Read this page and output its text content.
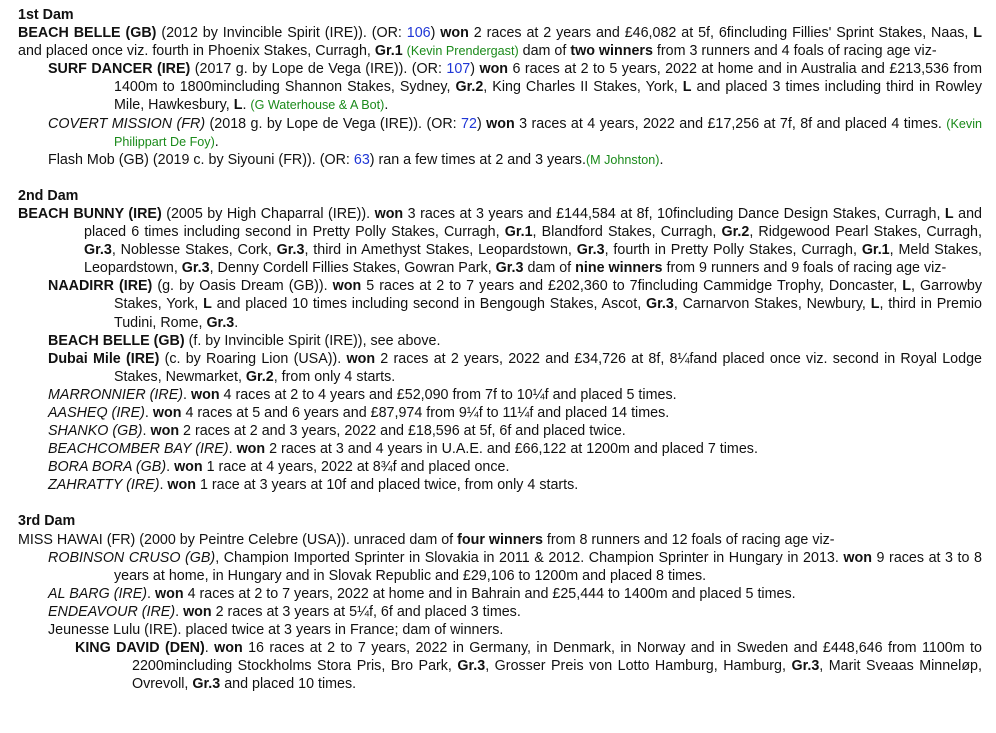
1st Dam
BEACH BELLE (GB) (2012 by Invincible Spirit (IRE)). (OR: 106) won 2 races at 2 years and £46,082 at 5f, 6fincluding Fillies' Sprint Stakes, Naas, L and placed once viz. fourth in Phoenix Stakes, Curragh, Gr.1 (Kevin Prendergast) dam of two winners from 3 runners and 4 foals of racing age viz-
SURF DANCER (IRE) (2017 g. by Lope de Vega (IRE)). (OR: 107) won 6 races at 2 to 5 years, 2022 at home and in Australia and £213,536 from 1400m to 1800mincluding Shannon Stakes, Sydney, Gr.2, King Charles II Stakes, York, L and placed 3 times including third in Rowley Mile, Hawkesbury, L. (G Waterhouse & A Bot).
COVERT MISSION (FR) (2018 g. by Lope de Vega (IRE)). (OR: 72) won 3 races at 4 years, 2022 and £17,256 at 7f, 8f and placed 4 times. (Kevin Philippart De Foy).
Flash Mob (GB) (2019 c. by Siyouni (FR)). (OR: 63) ran a few times at 2 and 3 years.(M Johnston).
2nd Dam
BEACH BUNNY (IRE) (2005 by High Chaparral (IRE)). won 3 races at 3 years and £144,584 at 8f, 10fincluding Dance Design Stakes, Curragh, L and placed 6 times including second in Pretty Polly Stakes, Curragh, Gr.1, Blandford Stakes, Curragh, Gr.2, Ridgewood Pearl Stakes, Curragh, Gr.3, Noblesse Stakes, Cork, Gr.3, third in Amethyst Stakes, Leopardstown, Gr.3, fourth in Pretty Polly Stakes, Curragh, Gr.1, Meld Stakes, Leopardstown, Gr.3, Denny Cordell Fillies Stakes, Gowran Park, Gr.3 dam of nine winners from 9 runners and 9 foals of racing age viz-
NAADIRR (IRE) (g. by Oasis Dream (GB)). won 5 races at 2 to 7 years and £202,360 to 7fincluding Cammidge Trophy, Doncaster, L, Garrowby Stakes, York, L and placed 10 times including second in Bengough Stakes, Ascot, Gr.3, Carnarvon Stakes, Newbury, L, third in Premio Tudini, Rome, Gr.3.
BEACH BELLE (GB) (f. by Invincible Spirit (IRE)), see above.
Dubai Mile (IRE) (c. by Roaring Lion (USA)). won 2 races at 2 years, 2022 and £34,726 at 8f, 8¼fand placed once viz. second in Royal Lodge Stakes, Newmarket, Gr.2, from only 4 starts.
MARRONNIER (IRE). won 4 races at 2 to 4 years and £52,090 from 7f to 10¼f and placed 5 times.
AASHEQ (IRE). won 4 races at 5 and 6 years and £87,974 from 9¼f to 11¼f and placed 14 times.
SHANKO (GB). won 2 races at 2 and 3 years, 2022 and £18,596 at 5f, 6f and placed twice.
BEACHCOMBER BAY (IRE). won 2 races at 3 and 4 years in U.A.E. and £66,122 at 1200m and placed 7 times.
BORA BORA (GB). won 1 race at 4 years, 2022 at 8¾f and placed once.
ZAHRATTY (IRE). won 1 race at 3 years at 10f and placed twice, from only 4 starts.
3rd Dam
MISS HAWAI (FR) (2000 by Peintre Celebre (USA)). unraced dam of four winners from 8 runners and 12 foals of racing age viz-
ROBINSON CRUSO (GB), Champion Imported Sprinter in Slovakia in 2011 & 2012. Champion Sprinter in Hungary in 2013. won 9 races at 3 to 8 years at home, in Hungary and in Slovak Republic and £29,106 to 1200m and placed 8 times.
AL BARG (IRE). won 4 races at 2 to 7 years, 2022 at home and in Bahrain and £25,444 to 1400m and placed 5 times.
ENDEAVOUR (IRE). won 2 races at 3 years at 5¼f, 6f and placed 3 times.
Jeunesse Lulu (IRE). placed twice at 3 years in France; dam of winners.
KING DAVID (DEN). won 16 races at 2 to 7 years, 2022 in Germany, in Denmark, in Norway and in Sweden and £448,646 from 1100m to 2200mincluding Stockholms Stora Pris, Bro Park, Gr.3, Grosser Preis von Lotto Hamburg, Hamburg, Gr.3, Marit Sveaas Minneløp, Ovrevoll, Gr.3 and placed 10 times.
